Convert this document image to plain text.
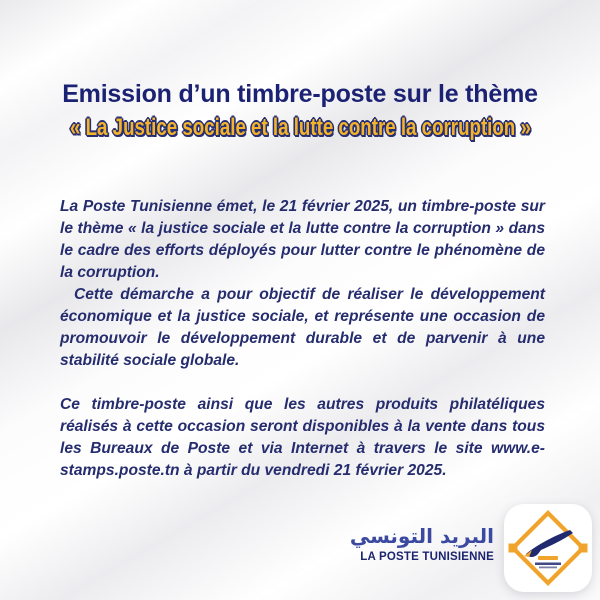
Emission d’un timbre-poste sur le thème
« La Justice sociale et la lutte contre la corruption »

La Poste Tunisienne émet, le 21 février 2025, un timbre-poste sur le thème « la justice sociale et la lutte contre la corruption » dans le cadre des efforts déployés pour lutter contre le phénomène de la corruption.

Cette démarche a pour objectif de réaliser le développement économique et la justice sociale, et représente une occasion de promouvoir le développement durable et de parvenir à une stabilité sociale globale.

Ce timbre-poste ainsi que les autres produits philatéliques réalisés à cette occasion seront disponibles à la vente dans tous les Bureaux de Poste et via Internet à travers le site www.e-stamps.poste.tn à partir du vendredi 21 février 2025.

البريد التونسي
LA POSTE TUNISIENNE
